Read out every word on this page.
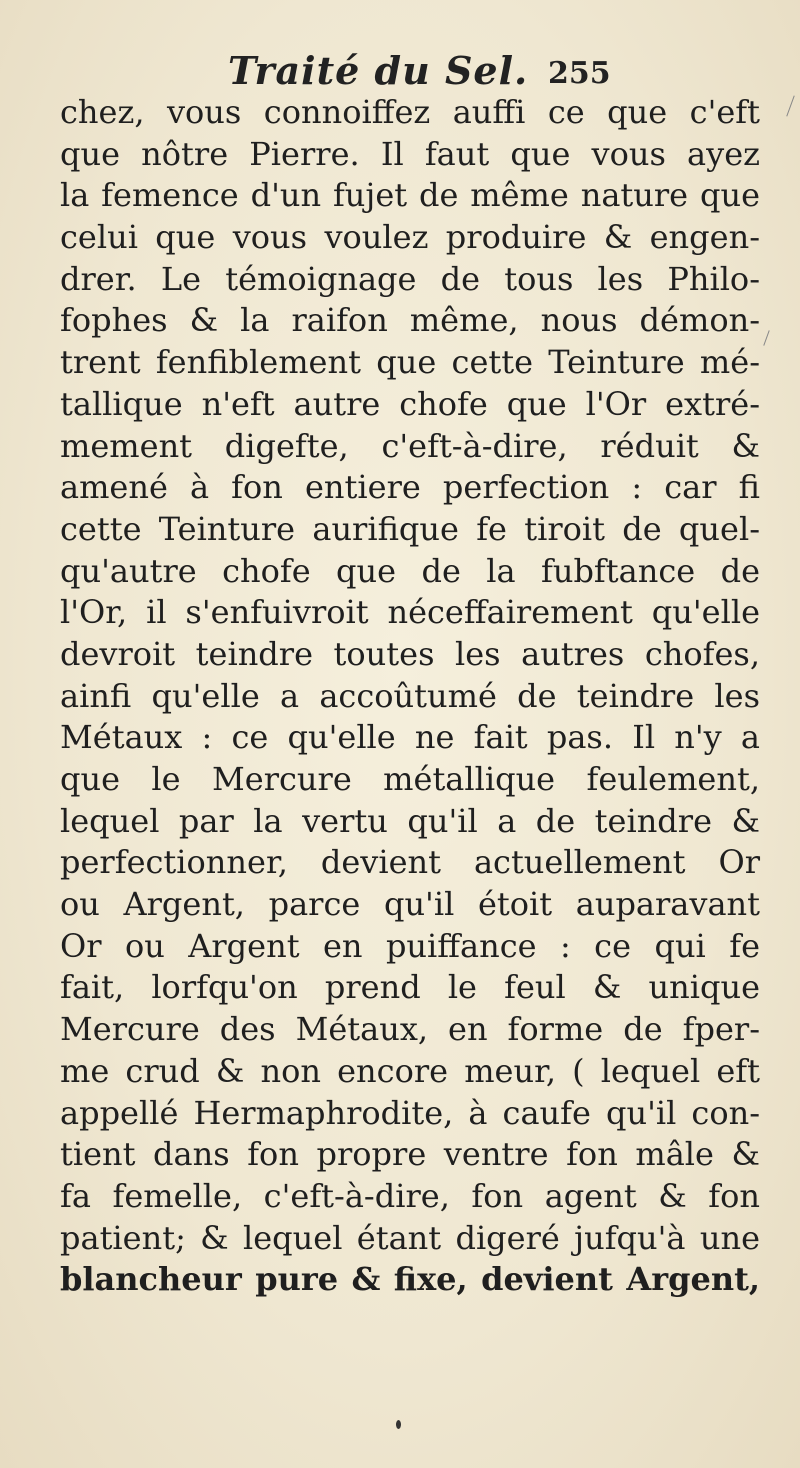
Traité du Sel. 255
chez, vous connoiffez auffi ce que c'eft
que nôtre Pierre. Il faut que vous ayez
la femence d'un fujet de même nature que
celui que vous voulez produire & engen-
drer. Le témoignage de tous les Philo-
fophes & la raifon même, nous démon-
trent fenfiblement que cette Teinture mé-
tallique n'eft autre chofe que l'Or extré-
mement digefte, c'eft-à-dire, réduit &
amené à fon entiere perfection : car fi
cette Teinture aurifique fe tiroit de quel-
qu'autre chofe que de la fubftance de
l'Or, il s'enfuivroit néceffairement qu'elle
devroit teindre toutes les autres chofes,
ainfi qu'elle a accoûtumé de teindre les
Métaux : ce qu'elle ne fait pas. Il n'y a
que le Mercure métallique feulement,
lequel par la vertu qu'il a de teindre &
perfectionner, devient actuellement Or
ou Argent, parce qu'il étoit auparavant
Or ou Argent en puiffance : ce qui fe
fait, lorfqu'on prend le feul & unique
Mercure des Métaux, en forme de fper-
me crud & non encore meur, ( lequel eft
appellé Hermaphrodite, à caufe qu'il con-
tient dans fon propre ventre fon mâle &
fa femelle, c'eft-à-dire, fon agent & fon
patient; & lequel étant digeré jufqu'à une
blancheur pure & fixe, devient Argent,
